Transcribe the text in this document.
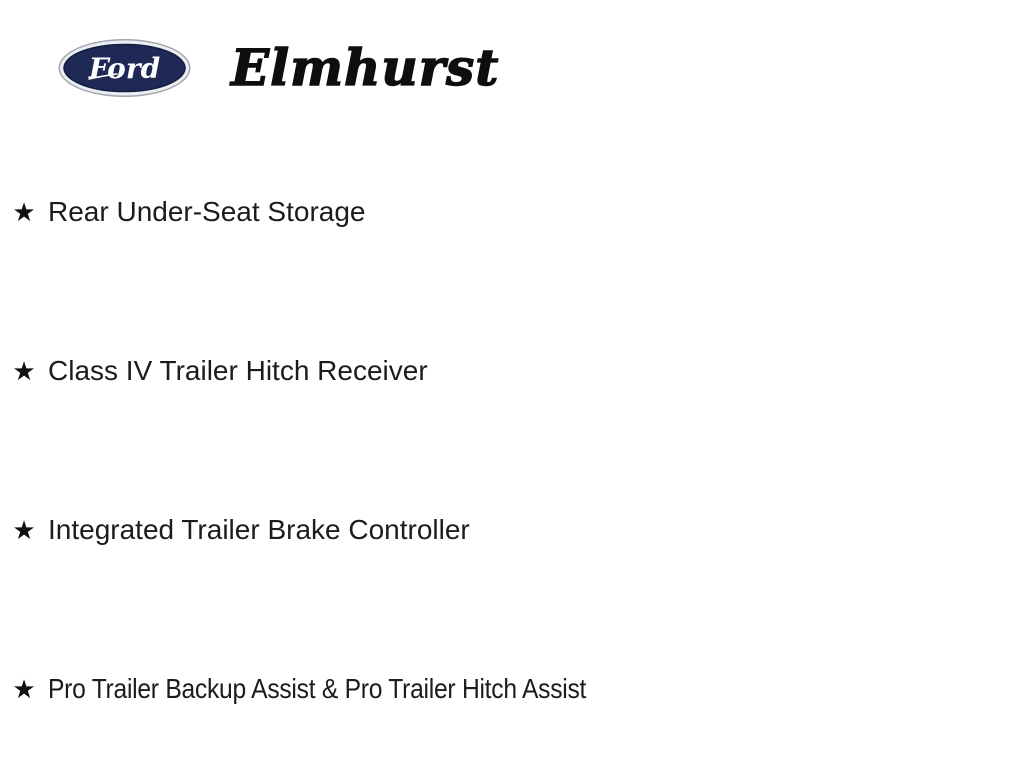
Ford Elmhurst
★ Rear Under-Seat Storage
★ Class IV Trailer Hitch Receiver
★ Integrated Trailer Brake Controller
★ Pro Trailer Backup Assist & Pro Trailer Hitch Assist
